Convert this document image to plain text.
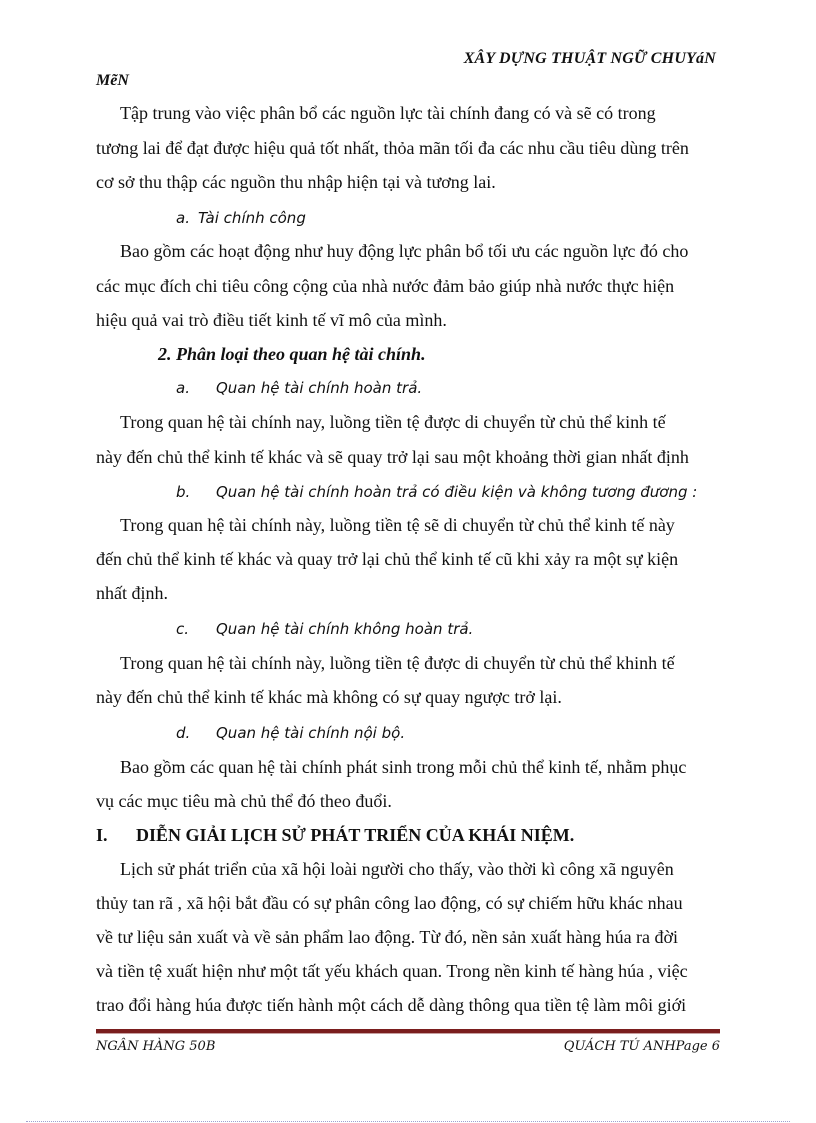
XÂY DỰNG THUẬT NGỮ CHUYáN
MẽN
Tập trung vào việc phân bổ các nguồn lực tài chính đang có và sẽ có trong
tương lai để đạt được hiệu quả tốt nhất, thỏa mãn tối đa các nhu cầu tiêu dùng trên
cơ sở thu thập các nguồn thu nhập hiện tại và tương lai.
a. Tài chính công
Bao gồm các hoạt động như huy động lực phân bổ tối ưu các nguồn lực đó cho
các mục đích chi tiêu công cộng của nhà nước đảm bảo giúp nhà nước thực hiện
hiệu quả vai trò điều tiết kinh tế vĩ mô của mình.
2. Phân loại theo quan hệ tài chính.
a. Quan hệ tài chính hoàn trả.
Trong quan hệ tài chính nay, luồng tiền tệ được di chuyển từ chủ thể kinh tế
này đến chủ thể kinh tế khác và sẽ quay trở lại sau một khoảng thời gian nhất định
b. Quan hệ tài chính hoàn trả có điều kiện và không tương đương :
Trong quan hệ tài chính này, luồng tiền tệ sẽ di chuyển từ chủ thể kinh tế này
đến chủ thể kinh tế khác và quay trở lại chủ thể kinh tế cũ khi xảy ra một sự kiện
nhất định.
c. Quan hệ tài chính không hoàn trả.
Trong quan hệ tài chính này, luồng tiền tệ được di chuyển từ chủ thể khinh tế
này đến chủ thể kinh tế khác mà không có sự quay ngược trở lại.
d. Quan hệ tài chính nội bộ.
Bao gồm các quan hệ tài chính phát sinh trong mỗi chủ thể kinh tế, nhằm phục
vụ các mục tiêu mà chủ thể đó theo đuổi.
I. DIỄN GIẢI LỊCH SỬ PHÁT TRIỂN CỦA KHÁI NIỆM.
Lịch sử phát triển của xã hội loài người cho thấy, vào thời kì công xã nguyên
thủy tan rã , xã hội bắt đầu có sự phân công lao động, có sự chiếm hữu khác nhau
về tư liệu sản xuất và về sản phẩm lao động. Từ đó, nền sản xuất hàng húa ra đời
và tiền tệ xuất hiện như một tất yếu khách quan. Trong nền kinh tế hàng húa , việc
trao đổi hàng húa được tiến hành một cách dễ dàng thông qua tiền tệ làm môi giới
NGÂN HÀNG 50B	QUÁCH TÚ ANHPage 6
